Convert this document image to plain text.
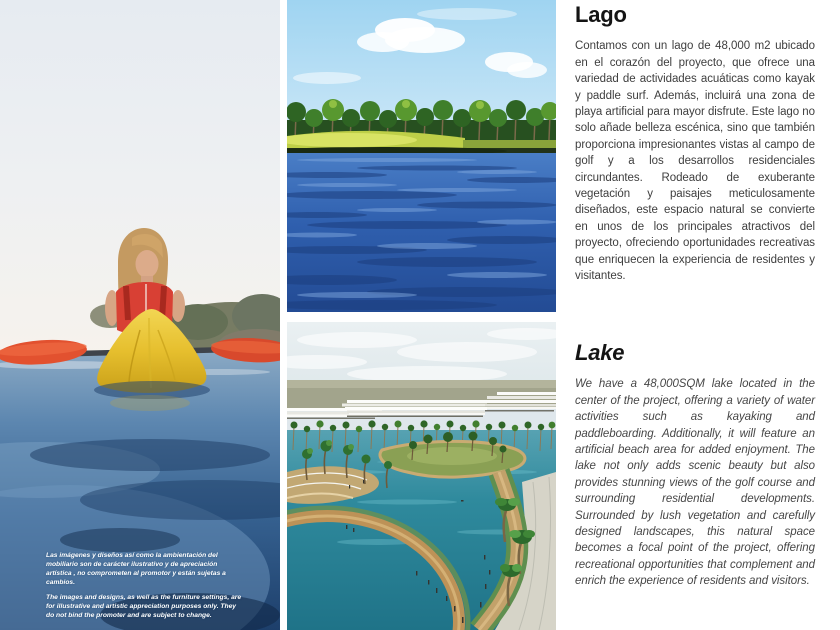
Las imágenes y diseños así como la ambientación del mobiliario son de carácter ilustrativo y de apreciación artística , no comprometen al promotor y están sujetas a cambios.

The images and designs, as well as the furniture settings, are for illustrative and artistic appreciation purposes only. They do not bind the promoter and are subject to change.

Lago

Contamos con un lago de 48,000 m2 ubicado en el corazón del proyecto, que ofrece una variedad de actividades acuáticas como kayak y paddle surf. Además, incluirá una zona de playa artificial para mayor disfrute. Este lago no solo añade belleza escénica, sino que también proporciona impresionantes vistas al campo de golf y a los desarrollos residenciales circundantes. Rodeado de exuberante vegetación y paisajes meticulosamente diseñados, este espacio natural se convierte en unos de los principales atractivos del proyecto, ofreciendo oportunidades recreativas que enriquecen la experiencia de residentes y visitantes.

Lake

We have a 48,000SQM lake located in the center of the project, offering a variety of water activities such as kayaking and paddleboarding. Additionally, it will feature an artificial beach area for added enjoyment. The lake not only adds scenic beauty but also provides stunning views of the golf course and surrounding residential developments. Surrounded by lush vegetation and carefully designed landscapes, this natural space becomes a focal point of the project, offering recreational opportunities that complement and enrich the experience of residents and visitors.
